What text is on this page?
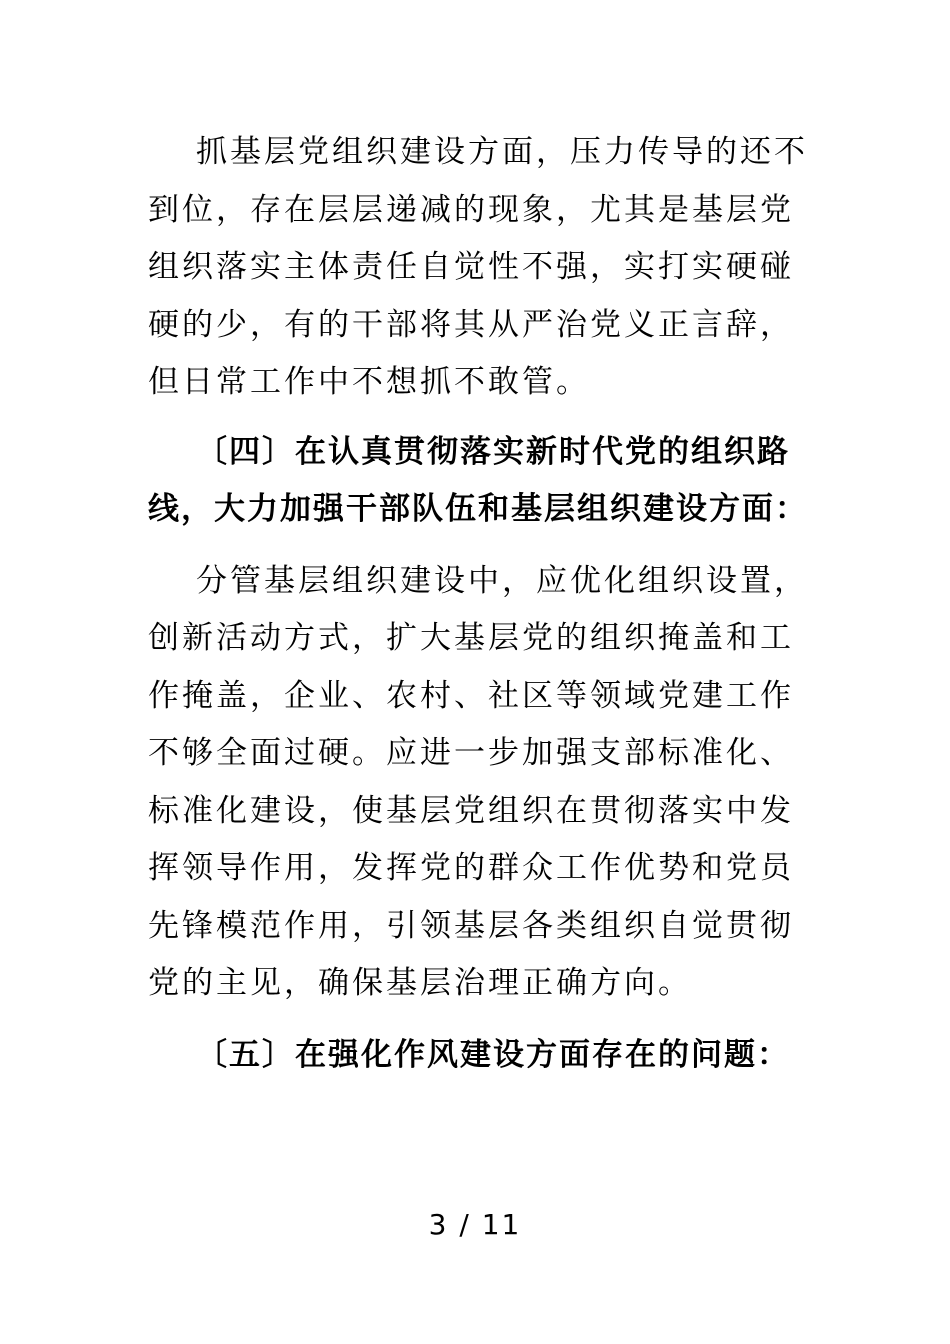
抓基层党组织建设方面，压力传导的还不
到位，存在层层递减的现象，尤其是基层党
组织落实主体责任自觉性不强，实打实硬碰
硬的少，有的干部将其从严治党义正言辞，
但日常工作中不想抓不敢管。

〔四〕在认真贯彻落实新时代党的组织路
线，大力加强干部队伍和基层组织建设方面：

分管基层组织建设中，应优化组织设置，
创新活动方式，扩大基层党的组织掩盖和工
作掩盖，企业、农村、社区等领域党建工作
不够全面过硬。应进一步加强支部标准化、
标准化建设，使基层党组织在贯彻落实中发
挥领导作用，发挥党的群众工作优势和党员
先锋模范作用，引领基层各类组织自觉贯彻
党的主见，确保基层治理正确方向。

〔五〕在强化作风建设方面存在的问题：

3 / 11
